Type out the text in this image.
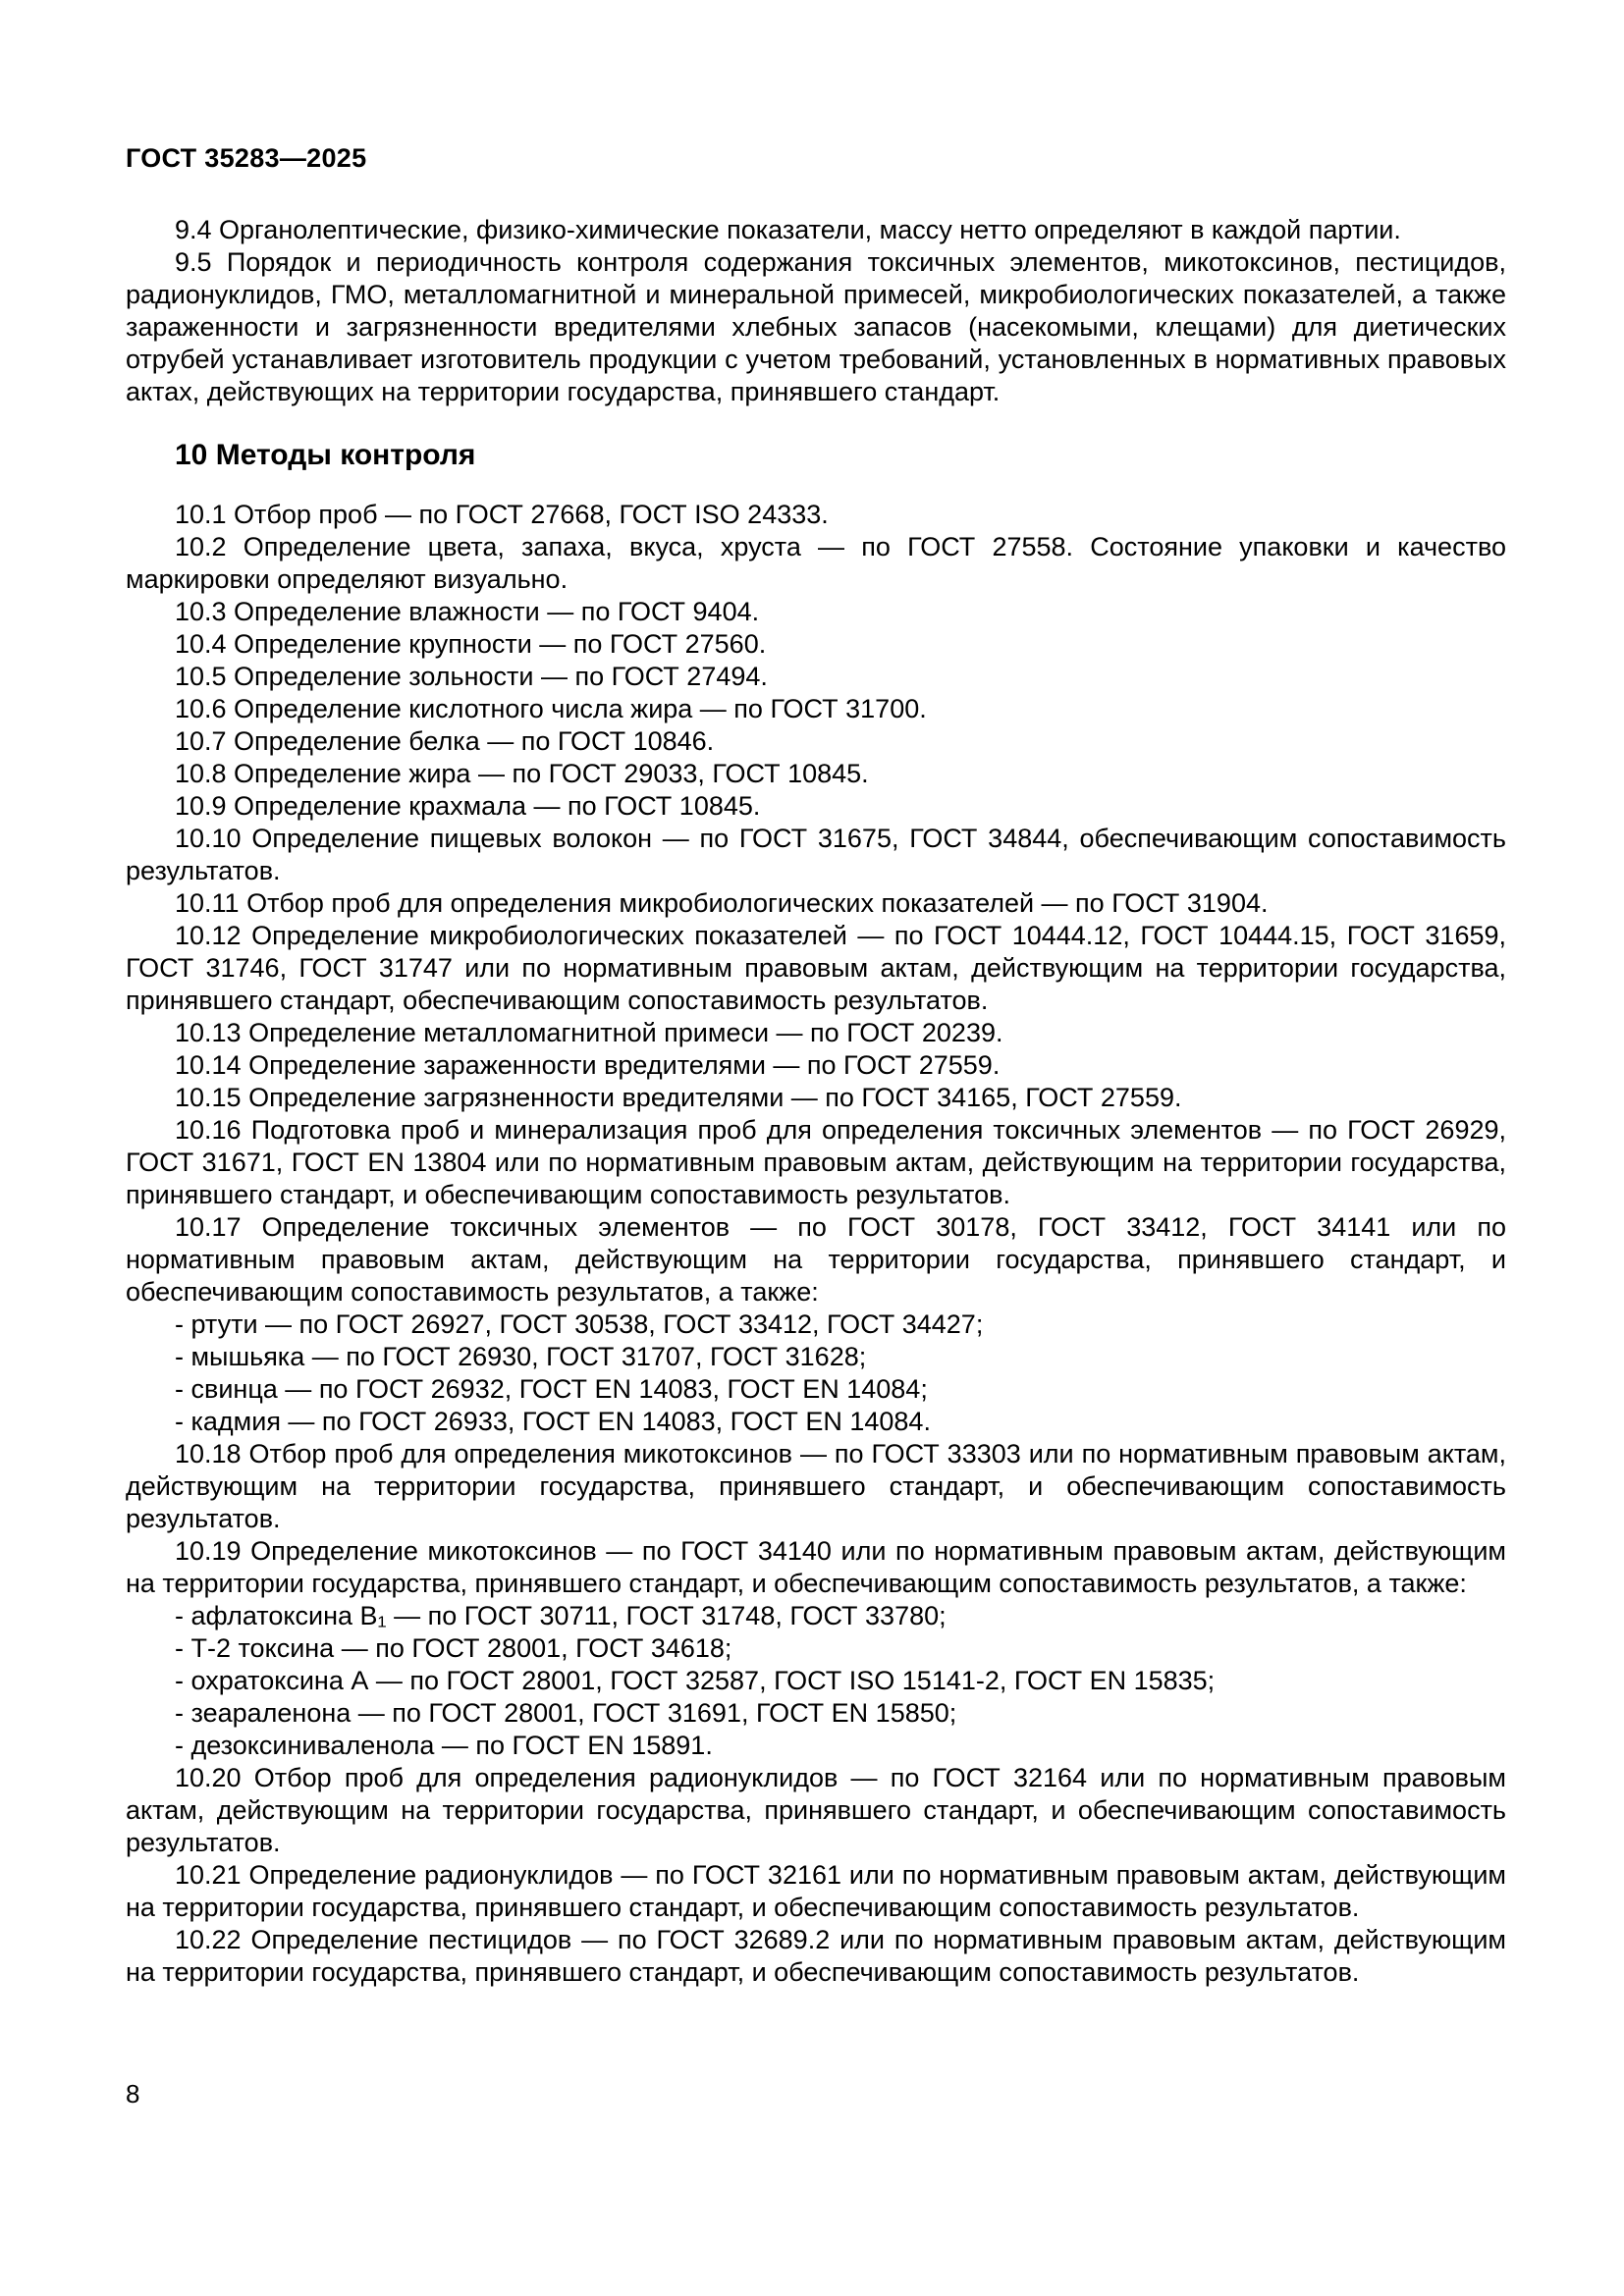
ГОСТ 35283—2025

9.4 Органолептические, физико-химические показатели, массу нетто определяют в каждой партии.

9.5 Порядок и периодичность контроля содержания токсичных элементов, микотоксинов, пестицидов, радионуклидов, ГМО, металломагнитной и минеральной примесей, микробиологических показателей, а также зараженности и загрязненности вредителями хлебных запасов (насекомыми, клещами) для диетических отрубей устанавливает изготовитель продукции с учетом требований, установленных в нормативных правовых актах, действующих на территории государства, принявшего стандарт.

10 Методы контроля

10.1 Отбор проб — по ГОСТ 27668, ГОСТ ISO 24333.

10.2 Определение цвета, запаха, вкуса, хруста — по ГОСТ 27558. Состояние упаковки и качество маркировки определяют визуально.

10.3 Определение влажности — по ГОСТ 9404.

10.4 Определение крупности — по ГОСТ 27560.

10.5 Определение зольности — по ГОСТ 27494.

10.6 Определение кислотного числа жира — по ГОСТ 31700.

10.7 Определение белка — по ГОСТ 10846.

10.8 Определение жира — по ГОСТ 29033, ГОСТ 10845.

10.9 Определение крахмала — по ГОСТ 10845.

10.10 Определение пищевых волокон — по ГОСТ 31675, ГОСТ 34844, обеспечивающим сопоставимость результатов.

10.11 Отбор проб для определения микробиологических показателей — по ГОСТ 31904.

10.12 Определение микробиологических показателей — по ГОСТ 10444.12, ГОСТ 10444.15, ГОСТ 31659, ГОСТ 31746, ГОСТ 31747 или по нормативным правовым актам, действующим на территории государства, принявшего стандарт, обеспечивающим сопоставимость результатов.

10.13 Определение металломагнитной примеси — по ГОСТ 20239.

10.14 Определение зараженности вредителями — по ГОСТ 27559.

10.15 Определение загрязненности вредителями — по ГОСТ 34165, ГОСТ 27559.

10.16 Подготовка проб и минерализация проб для определения токсичных элементов — по ГОСТ 26929, ГОСТ 31671, ГОСТ EN 13804 или по нормативным правовым актам, действующим на территории государства, принявшего стандарт, и обеспечивающим сопоставимость результатов.

10.17 Определение токсичных элементов — по ГОСТ 30178, ГОСТ 33412, ГОСТ 34141 или по нормативным правовым актам, действующим на территории государства, принявшего стандарт, и обеспечивающим сопоставимость результатов, а также:

- ртути — по ГОСТ 26927, ГОСТ 30538, ГОСТ 33412, ГОСТ 34427;

- мышьяка — по ГОСТ 26930, ГОСТ 31707, ГОСТ 31628;

- свинца — по ГОСТ 26932, ГОСТ EN 14083, ГОСТ EN 14084;

- кадмия — по ГОСТ 26933, ГОСТ EN 14083, ГОСТ EN 14084.

10.18 Отбор проб для определения микотоксинов — по ГОСТ 33303 или по нормативным правовым актам, действующим на территории государства, принявшего стандарт, и обеспечивающим сопоставимость результатов.

10.19 Определение микотоксинов — по ГОСТ 34140 или по нормативным правовым актам, действующим на территории государства, принявшего стандарт, и обеспечивающим сопоставимость результатов, а также:

- афлатоксина В₁ — по ГОСТ 30711, ГОСТ 31748, ГОСТ 33780;

- Т-2 токсина — по ГОСТ 28001, ГОСТ 34618;

- охратоксина А — по ГОСТ 28001, ГОСТ 32587, ГОСТ ISO 15141-2, ГОСТ EN 15835;

- зеараленона — по ГОСТ 28001, ГОСТ 31691, ГОСТ EN 15850;

- дезоксиниваленола — по ГОСТ EN 15891.

10.20 Отбор проб для определения радионуклидов — по ГОСТ 32164 или по нормативным правовым актам, действующим на территории государства, принявшего стандарт, и обеспечивающим сопоставимость результатов.

10.21 Определение радионуклидов — по ГОСТ 32161 или по нормативным правовым актам, действующим на территории государства, принявшего стандарт, и обеспечивающим сопоставимость результатов.

10.22 Определение пестицидов — по ГОСТ 32689.2 или по нормативным правовым актам, действующим на территории государства, принявшего стандарт, и обеспечивающим сопоставимость результатов.

8
